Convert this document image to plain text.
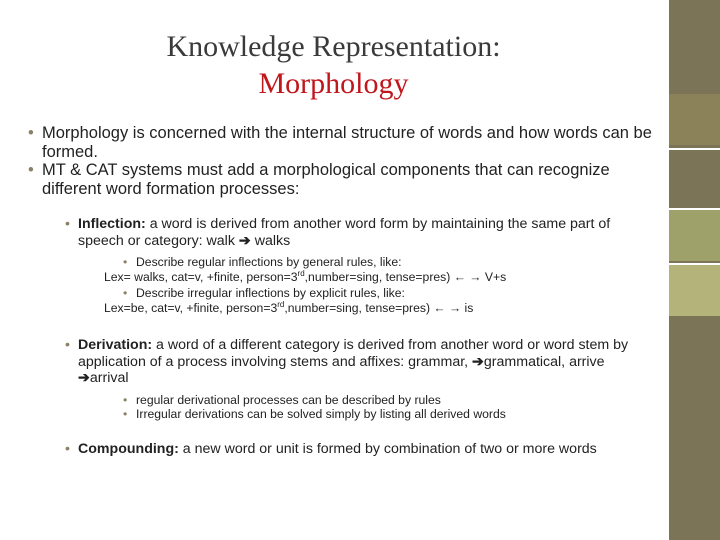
Knowledge Representation:
Morphology

• Morphology is concerned with the internal structure of words and how words can be formed.

• MT & CAT systems must add a morphological components that can recognize different word formation processes:

• Inflection: a word is derived from another word form by maintaining the same part of speech or category: walk ➔ walks
• Describe regular inflections by general rules, like:
Lex= walks, cat=v, +finite, person=3rd,number=sing, tense=pres) ← → V+s
• Describe irregular inflections by explicit rules, like:
Lex=be, cat=v, +finite, person=3rd,number=sing, tense=pres) ← → is
• Derivation: a word of a different category is derived from another word or word stem by application of a process involving stems and affixes: grammar, ➔grammatical, arrive ➔arrival
• regular derivational processes can be described by rules
• Irregular derivations can be solved simply by listing all derived words
• Compounding: a new word or unit is formed by combination of two or more words
